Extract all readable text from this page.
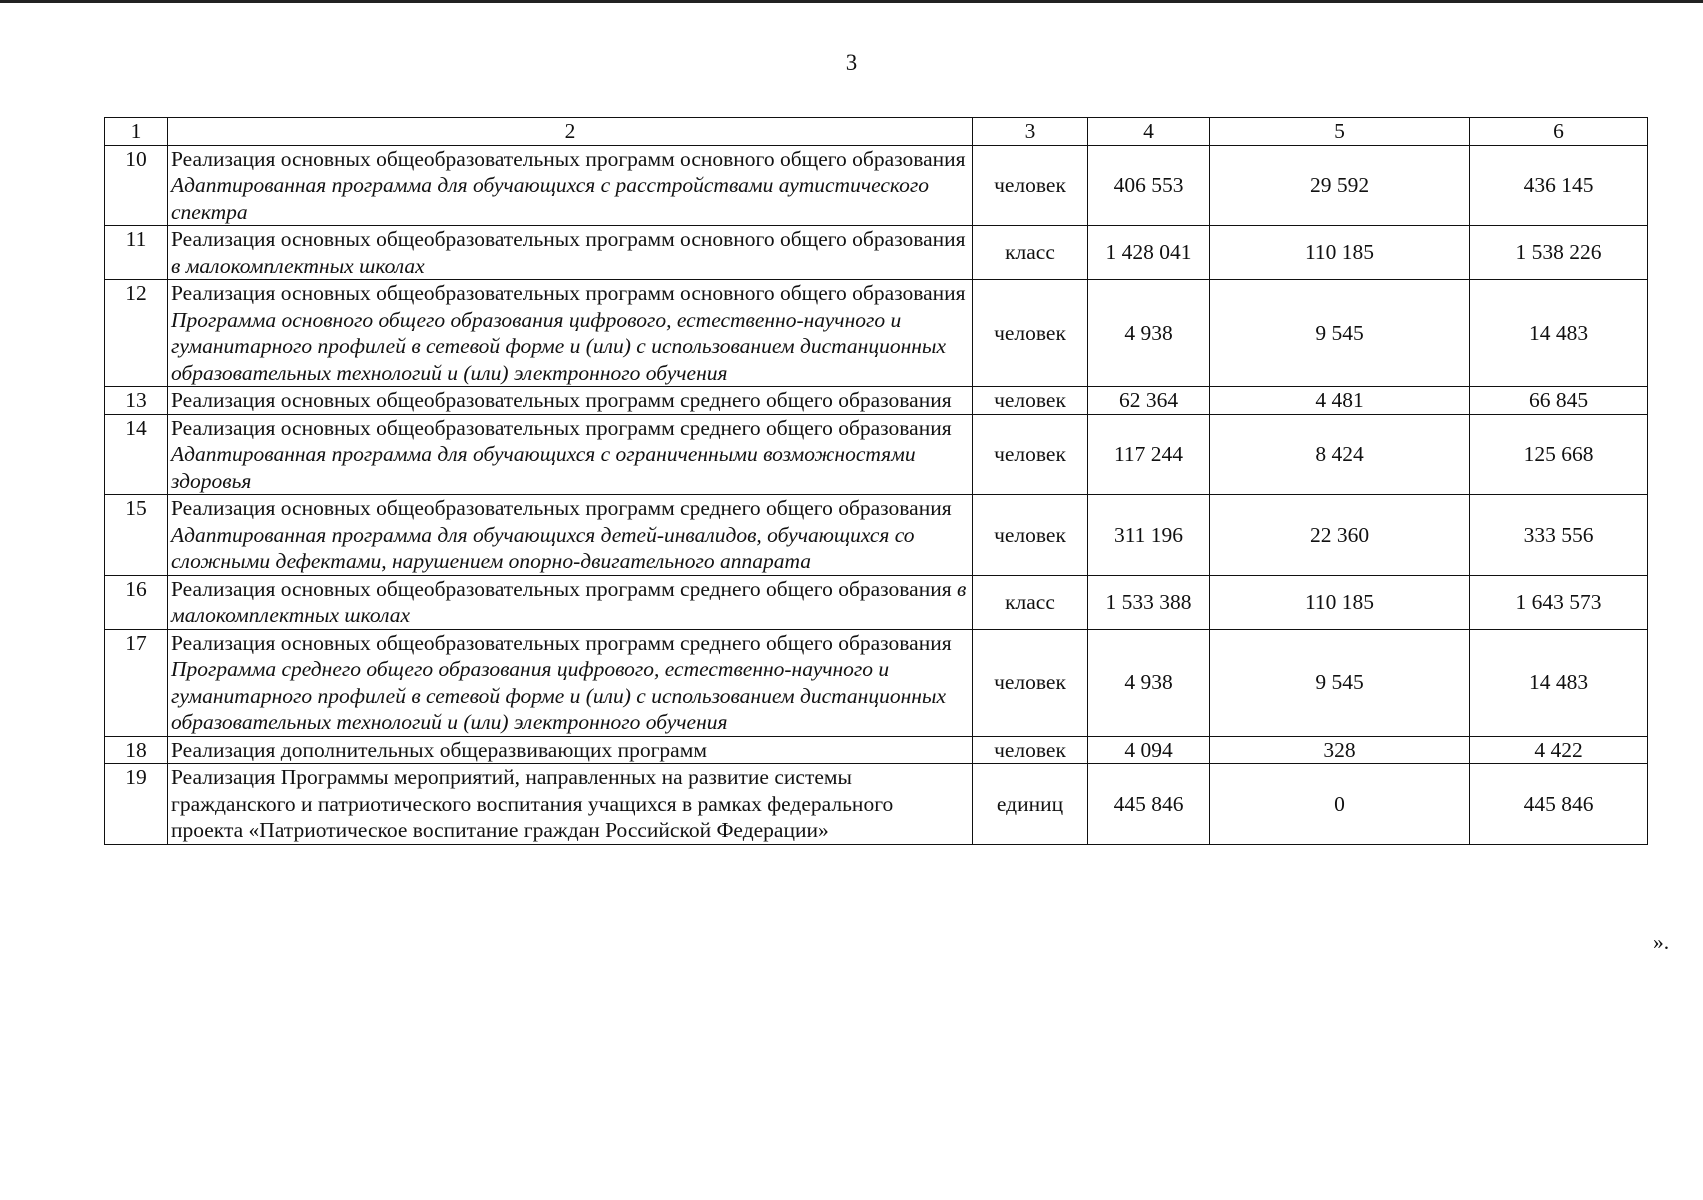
3
1	2	3	4	5	6
10	Реализация основных общеобразовательных программ основного общего образования Адаптированная программа для обучающихся с расстройствами аутистического спектра	человек	406 553	29 592	436 145
11	Реализация основных общеобразовательных программ основного общего образования в малокомплектных школах	класс	1 428 041	110 185	1 538 226
12	Реализация основных общеобразовательных программ основного общего образования Программа основного общего образования цифрового, естественно-научного и гуманитарного профилей в сетевой форме и (или) с использованием дистанционных образовательных технологий и (или) электронного обучения	человек	4 938	9 545	14 483
13	Реализация основных общеобразовательных программ среднего общего образования	человек	62 364	4 481	66 845
14	Реализация основных общеобразовательных программ среднего общего образования Адаптированная программа для обучающихся с ограниченными возможностями здоровья	человек	117 244	8 424	125 668
15	Реализация основных общеобразовательных программ среднего общего образования Адаптированная программа для обучающихся детей-инвалидов, обучающихся со сложными дефектами, нарушением опорно-двигательного аппарата	человек	311 196	22 360	333 556
16	Реализация основных общеобразовательных программ среднего общего образования в малокомплектных школах	класс	1 533 388	110 185	1 643 573
17	Реализация основных общеобразовательных программ среднего общего образования Программа среднего общего образования цифрового, естественно-научного и гуманитарного профилей в сетевой форме и (или) с использованием дистанционных образовательных технологий и (или) электронного обучения	человек	4 938	9 545	14 483
18	Реализация дополнительных общеразвивающих программ	человек	4 094	328	4 422
19	Реализация Программы мероприятий, направленных на развитие системы гражданского и патриотического воспитания учащихся в рамках федерального проекта «Патриотическое воспитание граждан Российской Федерации»	единиц	445 846	0	445 846
».
